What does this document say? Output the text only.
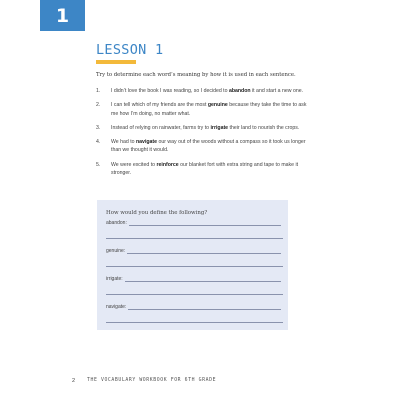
1
LESSON 1
Try to determine each word’s meaning by how it is used in each sentence.
1.	I didn’t love the book I was reading, so I decided to abandon it and start a new one.
2.	I can tell which of my friends are the most genuine because they take the time to ask me how I’m doing, no matter what.
3.	Instead of relying on rainwater, farms try to irrigate their land to nourish the crops.
4.	We had to navigate our way out of the woods without a compass so it took us longer than we thought it would.
5.	We were excited to reinforce our blanket fort with extra string and tape to make it stronger.
How would you define the following?
abandon:
genuine:
irrigate:
navigate:
2 THE VOCABULARY WORKBOOK FOR 6TH GRADE
